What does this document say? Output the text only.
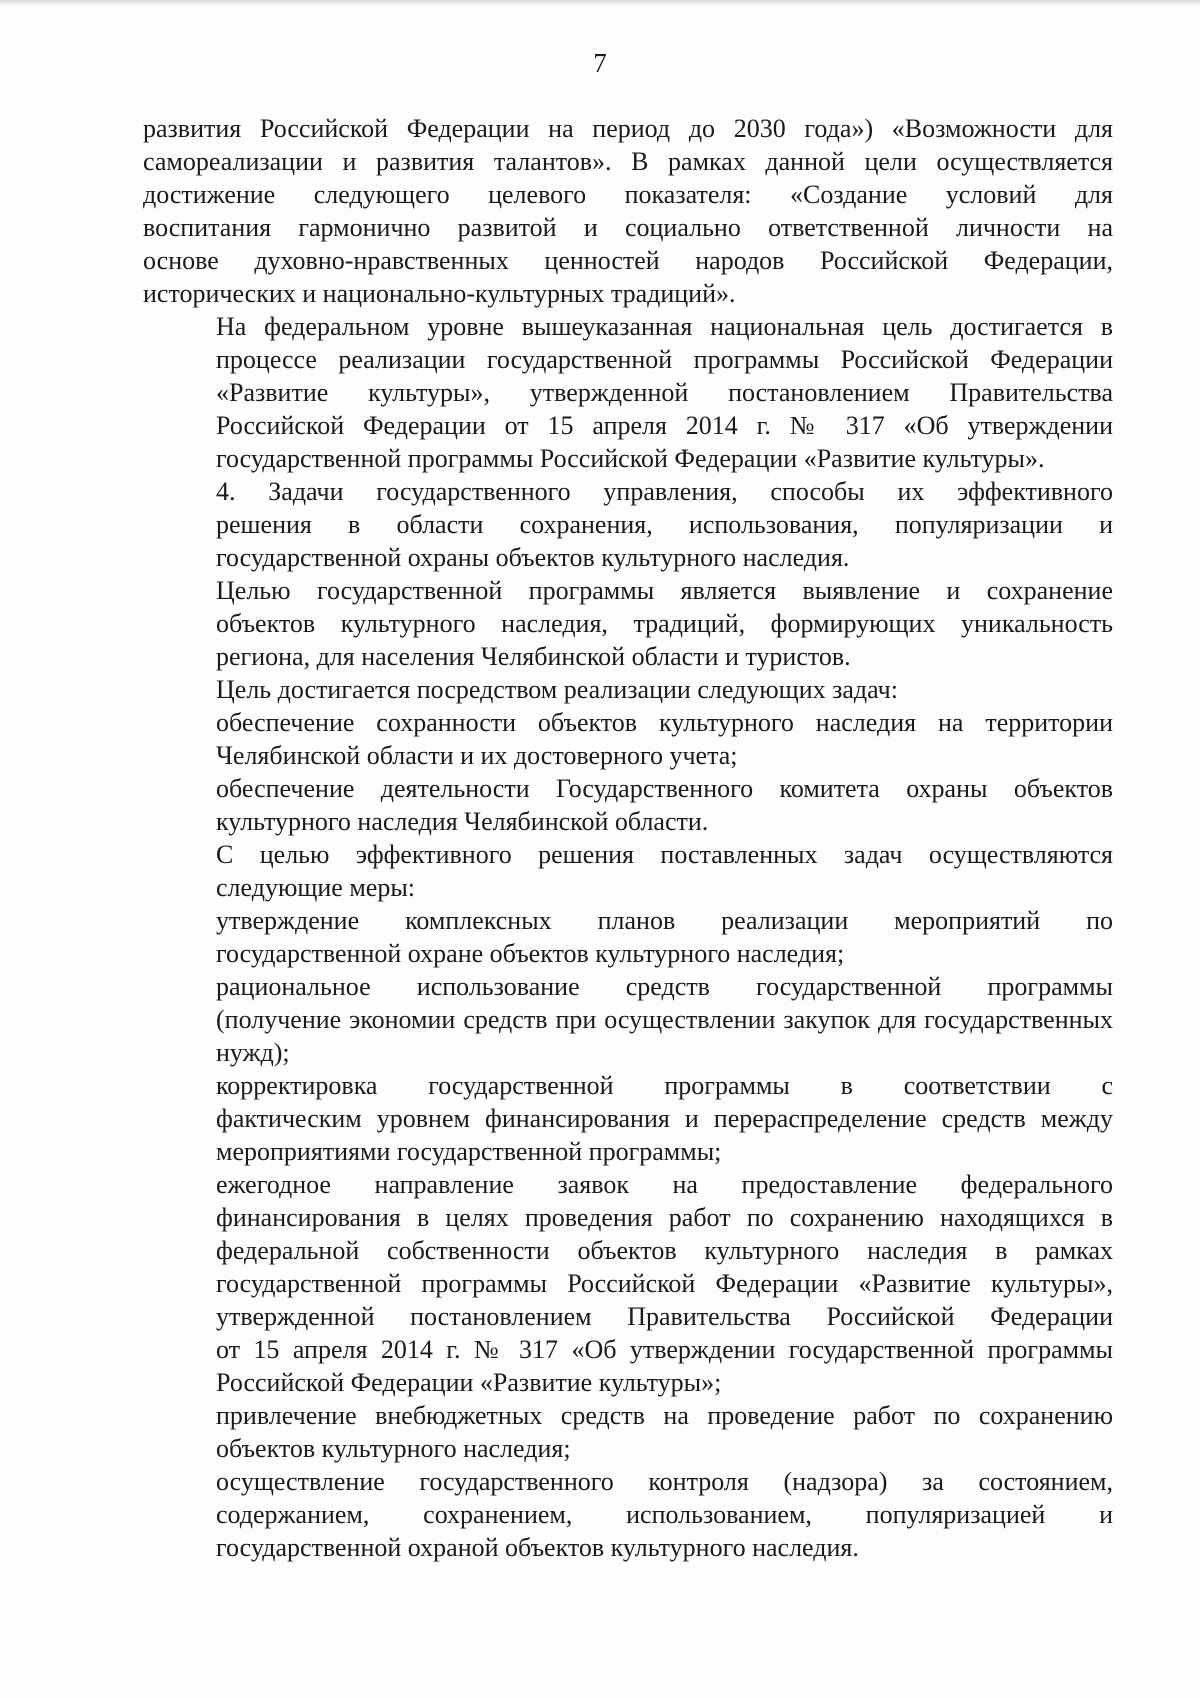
7

развития Российской Федерации на период до 2030 года») «Возможности для
самореализации и развития талантов». В рамках данной цели осуществляется
достижение следующего целевого показателя: «Создание условий для
воспитания гармонично развитой и социально ответственной личности на
основе духовно-нравственных ценностей народов Российской Федерации,
исторических и национально-культурных традиций».

На федеральном уровне вышеуказанная национальная цель достигается в
процессе реализации государственной программы Российской Федерации
«Развитие культуры», утвержденной постановлением Правительства
Российской Федерации от 15 апреля 2014 г. № 317 «Об утверждении
государственной программы Российской Федерации «Развитие культуры».

4. Задачи государственного управления, способы их эффективного
решения в области сохранения, использования, популяризации и
государственной охраны объектов культурного наследия.

Целью государственной программы является выявление и сохранение
объектов культурного наследия, традиций, формирующих уникальность
региона, для населения Челябинской области и туристов.

Цель достигается посредством реализации следующих задач:

обеспечение сохранности объектов культурного наследия на территории
Челябинской области и их достоверного учета;

обеспечение деятельности Государственного комитета охраны объектов
культурного наследия Челябинской области.

С целью эффективного решения поставленных задач осуществляются
следующие меры:

утверждение комплексных планов реализации мероприятий по
государственной охране объектов культурного наследия;

рациональное использование средств государственной программы
(получение экономии средств при осуществлении закупок для государственных
нужд);

корректировка государственной программы в соответствии с
фактическим уровнем финансирования и перераспределение средств между
мероприятиями государственной программы;

ежегодное направление заявок на предоставление федерального
финансирования в целях проведения работ по сохранению находящихся в
федеральной собственности объектов культурного наследия в рамках
государственной программы Российской Федерации «Развитие культуры»,
утвержденной постановлением Правительства Российской Федерации
от 15 апреля 2014 г. № 317 «Об утверждении государственной программы
Российской Федерации «Развитие культуры»;

привлечение внебюджетных средств на проведение работ по сохранению
объектов культурного наследия;

осуществление государственного контроля (надзора) за состоянием,
содержанием, сохранением, использованием, популяризацией и
государственной охраной объектов культурного наследия.
